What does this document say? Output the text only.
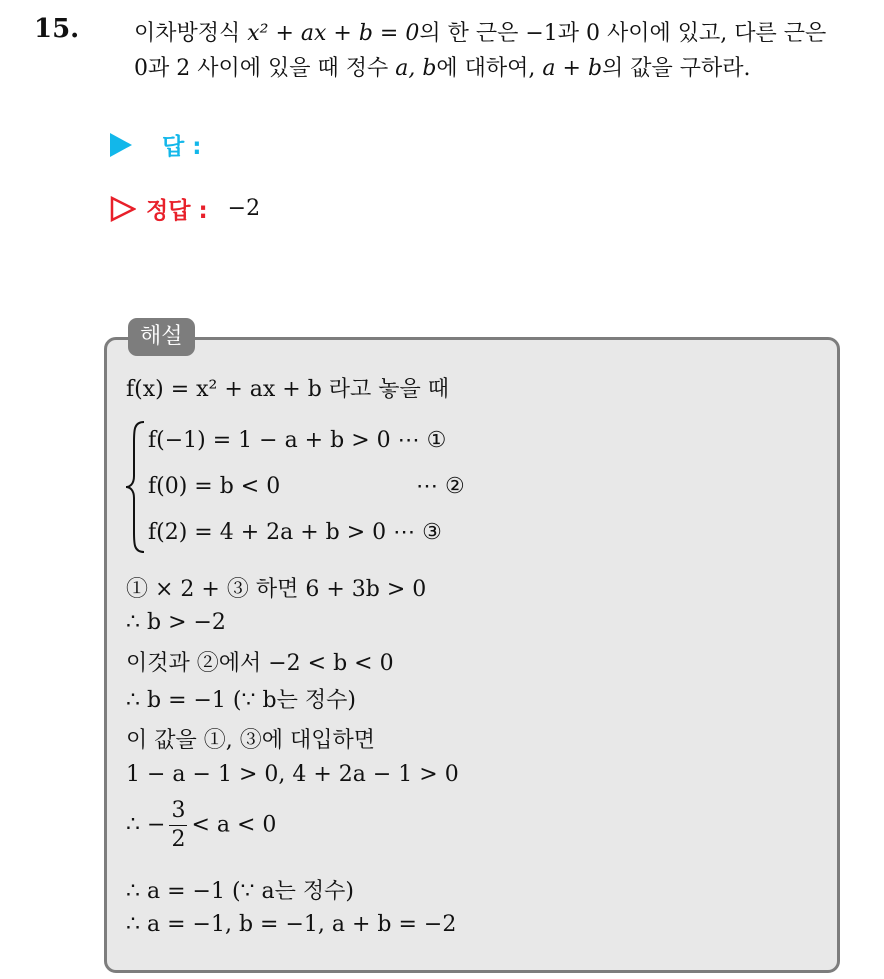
15. 이차방정식 x² + ax + b = 0의 한 근은 −1과 0 사이에 있고, 다른 근은
0과 2 사이에 있을 때 정수 a, b에 대하여, a + b의 값을 구하라.
답 :
정답 : −2
해설
f(x) = x² + ax + b 라고 놓을 때
f(−1) = 1 − a + b > 0 ⋯ ①
f(0) = b < 0	⋯ ②
f(2) = 4 + 2a + b > 0 ⋯ ③
① × 2 + ③ 하면 6 + 3b > 0
∴ b > −2
이것과 ②에서 −2 < b < 0
∴ b = −1 (∵ b는 정수)
이 값을 ①, ③에 대입하면
1 − a − 1 > 0, 4 + 2a − 1 > 0
∴ − $\frac{3}{2} < a < 0$
∴ a = −1 (∵ a는 정수)
∴ a = −1, b = −1, a + b = −2
